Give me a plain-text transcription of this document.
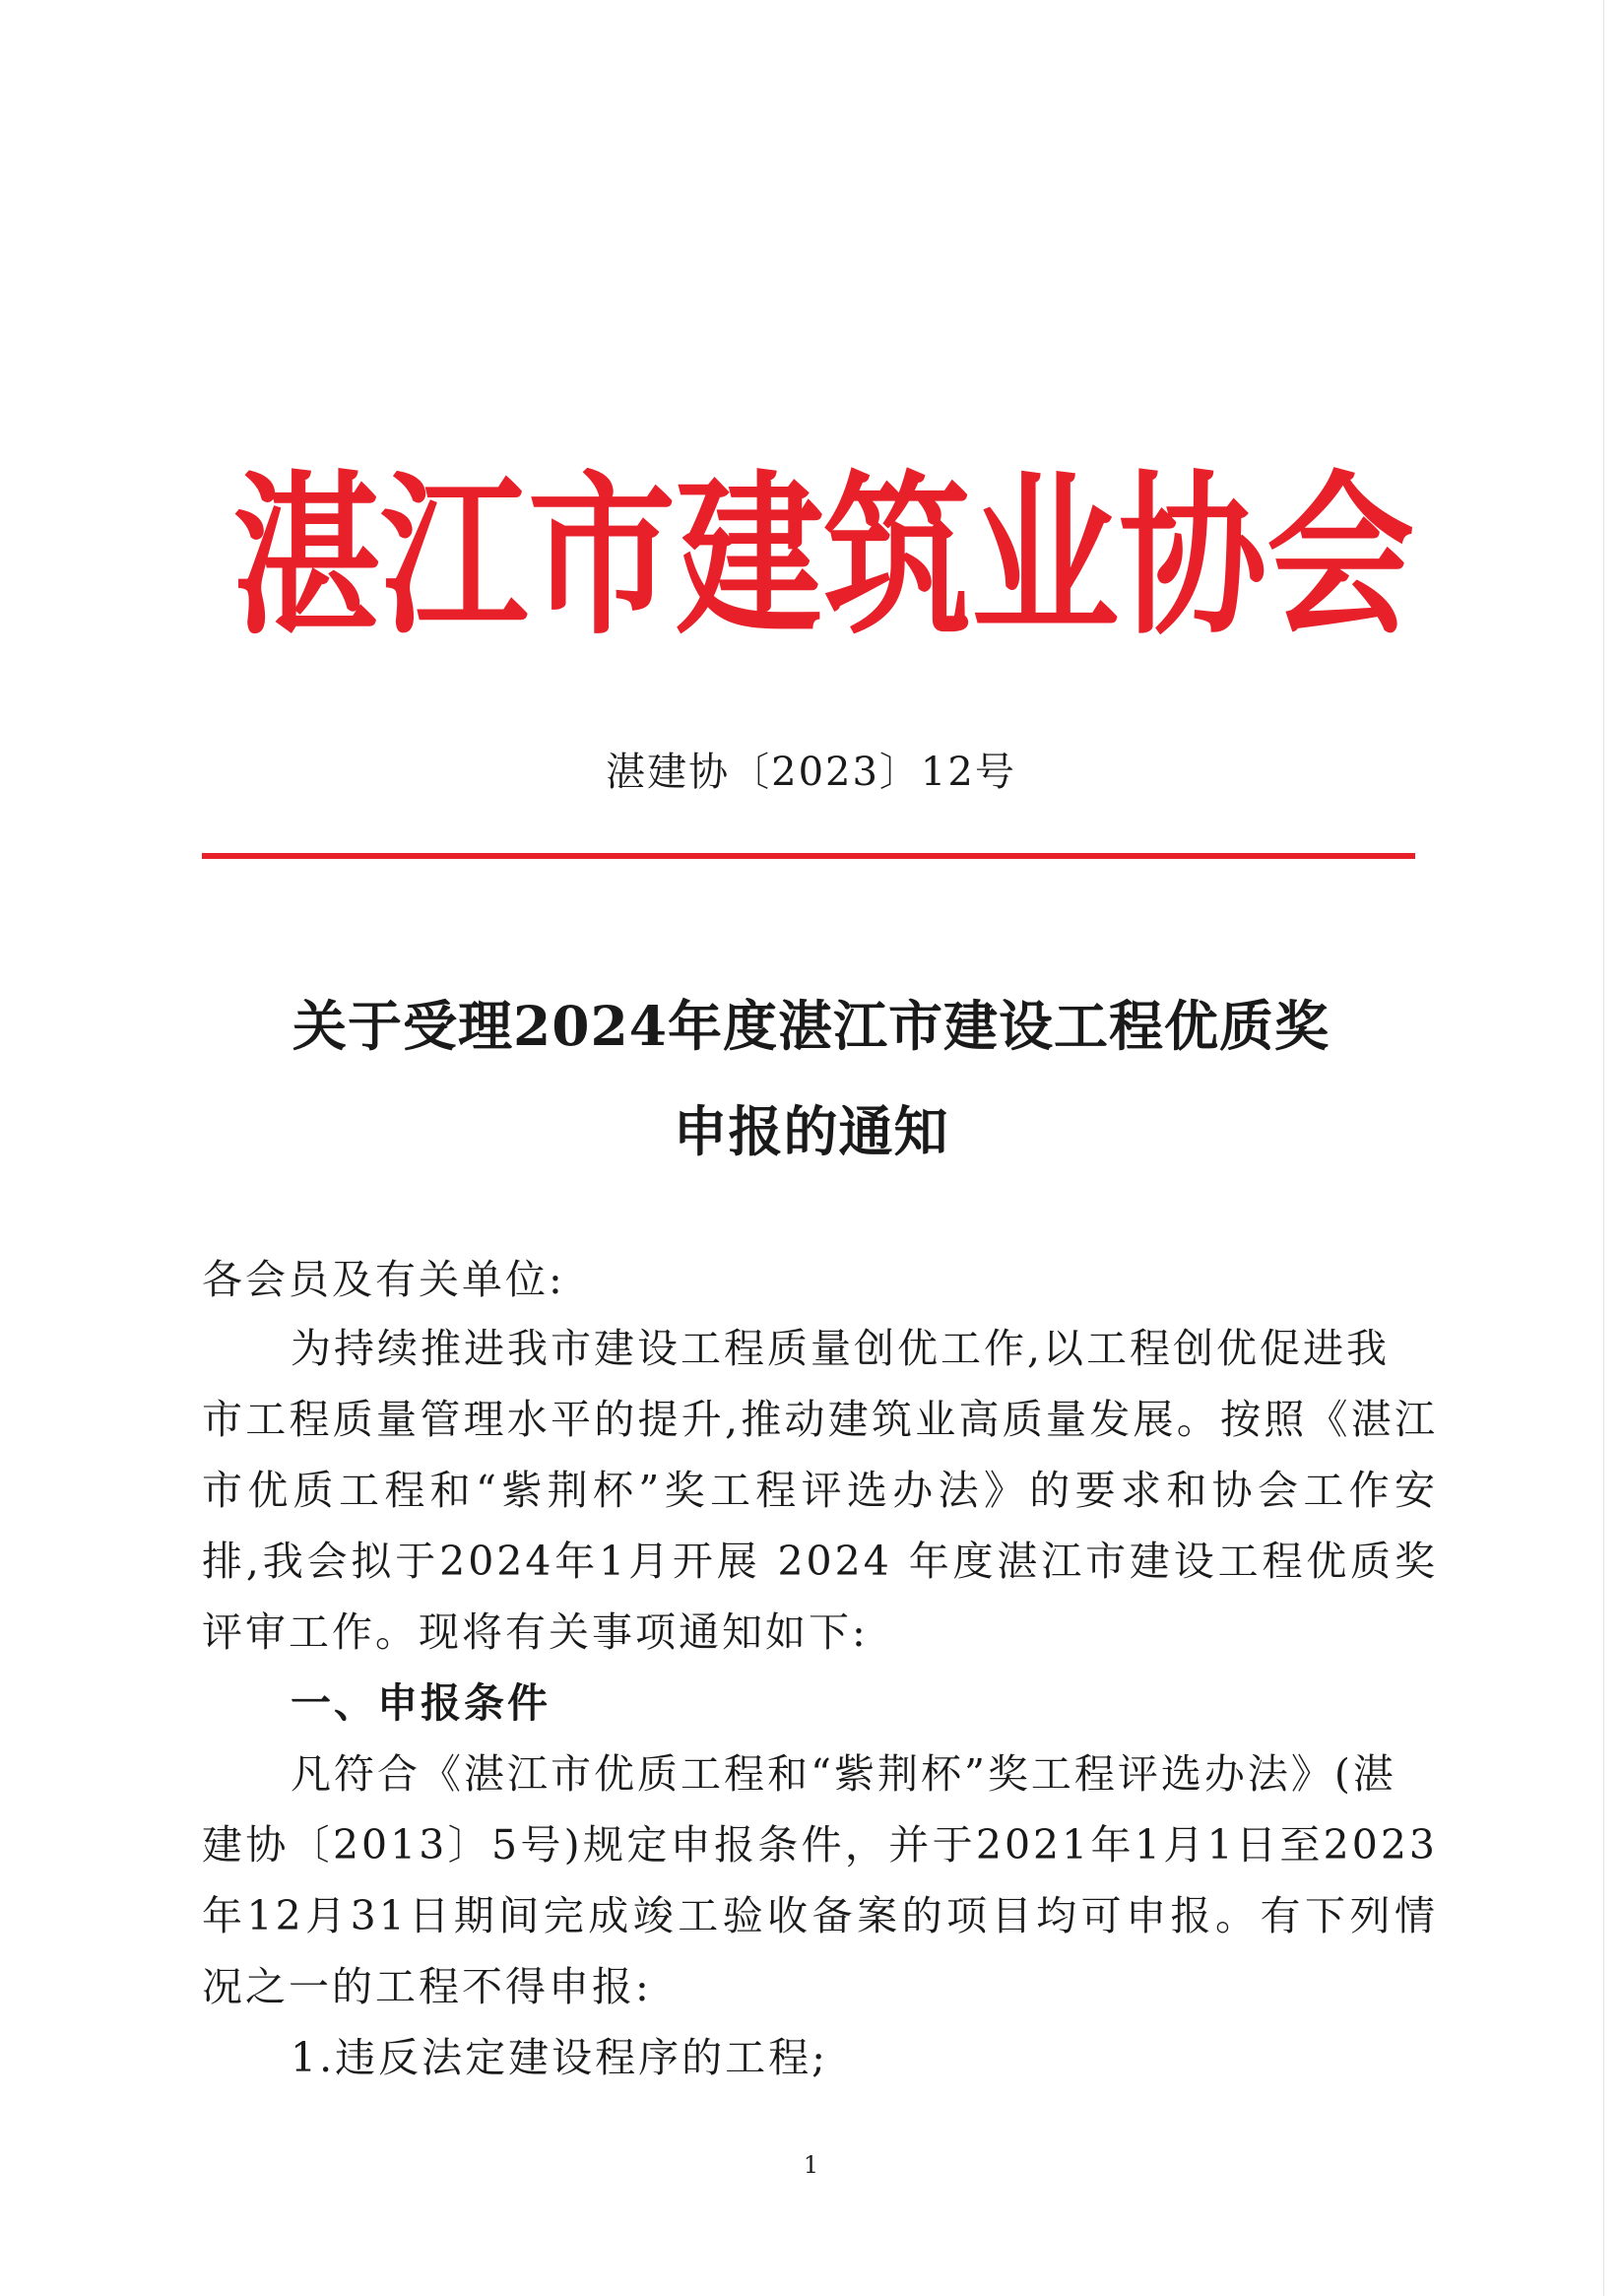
湛 江 市 建 筑 业 协 会
湛建协〔2023〕12号
关于受理2024年度湛江市建设工程优质奖
申报的通知
各会员及有关单位:
为持续推进我市建设工程质量创优工作,以工程创优促进我
市工程质量管理水平的提升,推动建筑业高质量发展。按照《湛江
市优质工程和“紫荆杯”奖工程评选办法》的要求和协会工作安
排,我会拟于2024年1月开展 2024 年度湛江市建设工程优质奖
评审工作。现将有关事项通知如下:
一、申报条件
凡符合《湛江市优质工程和“紫荆杯”奖工程评选办法》(湛
建协〔2013〕5号)规定申报条件，并于2021年1月1日至2023
年12月31日期间完成竣工验收备案的项目均可申报。有下列情
况之一的工程不得申报:
1.违反法定建设程序的工程;
1
